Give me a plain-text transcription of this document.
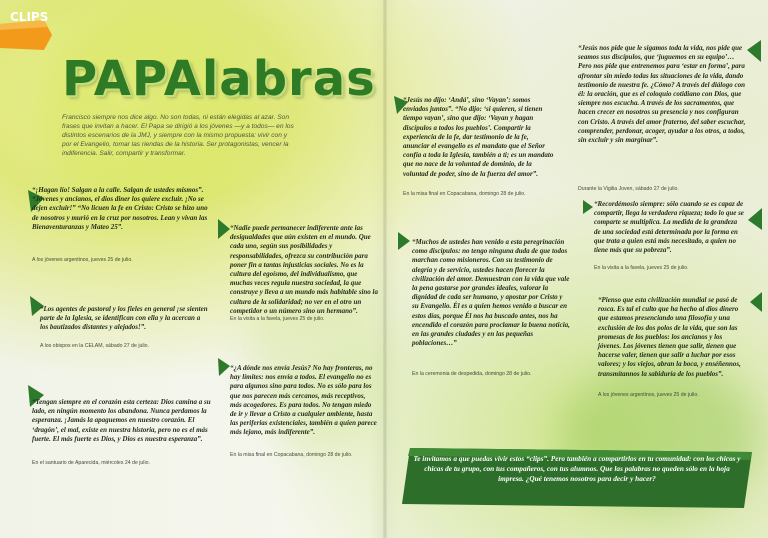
CLIPS
PAPAlabras
Francisco siempre nos dice algo. No son todas, ni están elegidas al azar. Son frases que invitan a hacer. El Papa se dirigió a los jóvenes —y a todos— en los distintos escenarios de la JMJ, y siempre con la mismo propuesta: vivir con y por el Evangelio, tomar las riendas de la historia. Ser protagonistas, vencer la indiferencia. Salir, compartir y transformar.
“¡Hagan lío! Salgan a la calle. Salgan de ustedes mismos”. “Jóvenes y ancianos, el dios diner los quiere excluir. ¡No se dejen excluir!” “No licuen la fe en Cristo: Cristo se hizo uno de nosotros y murió en la cruz por nosotros. Lean y vivan las Bienaventuranzas y Mateo 25”.
A los jóvenes argentinos, jueves 25 de julio.
“Los agentes de pastoral y los fieles en general ¡se sienten parte de la Iglesia, se identifican con ella y la acercan a los bautizados distantes y alejados!”.
A los obispos en la CELAM, sábado 27 de julio.
“Tengan siempre en el corazón esta certeza: Dios camina a su lado, en ningún momento los abandona. Nunca perdamos la esperanza. ¡Jamás la apaguemos en nuestro corazón. El ‘dragón’, el mal, existe en nuestra historia, pero no es el más fuerte. El más fuerte es Dios, y Dios es nuestra esperanza”.
En el santuario de Aparecida, miércoles 24 de julio.
“Nadie puede permanecer indiferente ante las desigualdades que aún existen en el mundo. Que cada uno, según sus posibilidades y responsabilidades, ofrezca su contribución para poner fin a tantas injusticias sociales. No es la cultura del egoísmo, del individualismo, que muchas veces regula nuestra sociedad, la que construye y lleva a un mundo más habitable sino la cultura de la solidaridad; no ver en el otro un competidor o un número sino un hermano”.
En la visita a la favela, jueves 25 de julio.
“¿A dónde nos envía Jesús? No hay fronteras, no hay límites: nos envía a todos. El evangelio no es para algunos sino para todos. No es sólo para los que nos parecen más cercanos, más receptivos, más acogedores. Es para todos. No tengan miedo de ir y llevar a Cristo a cualquier ambiente, hasta las periferias existenciales, también a quien parece más lejano, más indiferente”.
En la misa final en Copacabana, domingo 28 de julio.
“Jesús no dijo: ‘Andá’, sino ‘Vayan’: somos enviados juntos”. “No dijo: ‘si quieren, si tienen tiempo vayan’, sino que dijo: ‘Vayan y hagan discípulos a todos los pueblos’. Compartir la experiencia de la fe, dar testimonio de la fe, anunciar el evangelio es el mandato que el Señor confía a toda la Iglesia, también a ti; es un mandato que no nace de la voluntad de dominio, de la voluntad de poder, sino de la fuerza del amor”.
En la misa final en Copacabana, domingo 28 de julio.
“Muchos de ustedes han venido a esta peregrinación como discípulos: no tengo ninguna duda de que todos marchan como misioneros. Con su testimonio de alegría y de servicio, ustedes hacen florecer la civilización del amor. Demuestran con la vida que vale la pena gastarse por grandes ideales, valorar la dignidad de cada ser humano, y apostar por Cristo y su Evangelio. Él es a quien hemos venido a buscar en estos días, porque Él nos ha buscado antes, nos ha encendido el corazón para proclamar la buena noticia, en las grandes ciudades y en las pequeñas poblaciones…”
En la ceremonia de despedida, domingo 28 de julio.
“Jesús nos pide que le sigamos toda la vida, nos pide que seamos sus discípulos, que ‘juguemos en su equipo’… Pero nos pide que entrenemos para ‘estar en forma’, para afrontar sin miedo todas las situaciones de la vida, dando testimonio de nuestra fe. ¿Cómo? A través del diálogo con él: la oración, que es el coloquio cotidiano con Dios, que siempre nos escucha. A través de los sacramentos, que hacen crecer en nosotros su presencia y nos configuran con Cristo. A través del amor fraterno, del saber escuchar, comprender, perdonar, acoger, ayudar a los otros, a todos, sin excluir y sin marginar”.
Durante la Vigilia Joven, sábado 27 de julio.
“Recordémoslo siempre: sólo cuando se es capaz de compartir, llega la verdadera riqueza; todo lo que se comparte se multiplica. La medida de la grandeza de una sociedad está determinada por la forma en que trata a quien está más necesitado, a quien no tiene más que su pobreza”.
En la visita a la favela, jueves 25 de julio.
“Pienso que esta civilización mundial se pasó de rosca. Es tal el culto que ha hecho al dios dinero que estamos presenciando una filosofía y una exclusión de los dos polos de la vida, que son las promesas de los pueblos: los ancianos y los jóvenes. Los jóvenes tienen que salir, tienen que hacerse valer, tienen que salir a luchar por esos valores; y los viejos, abran la boca, y enséñennos, transmítannos la sabiduría de los pueblos”.
A los jóvenes argentinos, jueves 25 de julio.
Te invitamos a que puedas vivir estos “clips”. Pero también a compartirlos en tu comunidad: con los chicos y chicas de tu grupo, con tus compañeros, con tus alumnos. Que las palabras no queden sólo en la hoja impresa. ¿Qué tenemos nosotros para decir y hacer?
